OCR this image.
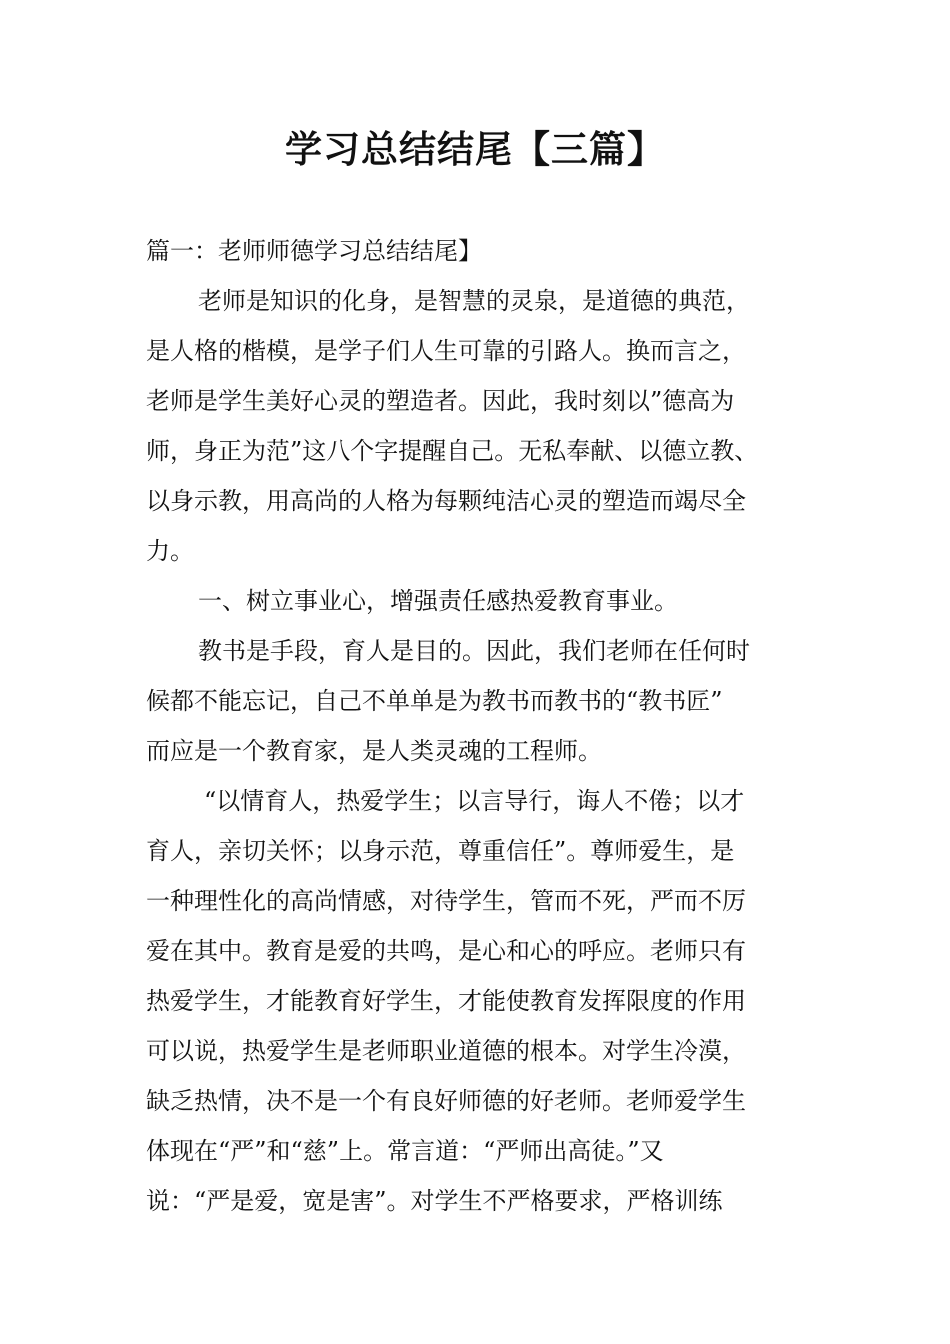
学习总结结尾【三篇】

篇一：老师师德学习总结结尾】

老师是知识的化身，是智慧的灵泉，是道德的典范，
是人格的楷模，是学子们人生可靠的引路人。换而言之，
老师是学生美好心灵的塑造者。因此，我时刻以”德高为
师，身正为范”这八个字提醒自己。无私奉献、以德立教、
以身示教，用高尚的人格为每颗纯洁心灵的塑造而竭尽全
力。
一、树立事业心，增强责任感热爱教育事业。
教书是手段，育人是目的。因此，我们老师在任何时
候都不能忘记，自己不单单是为教书而教书的“教书匠”
而应是一个教育家，是人类灵魂的工程师。
“以情育人，热爱学生；以言导行，诲人不倦；以才
育人，亲切关怀；以身示范，尊重信任”。尊师爱生，是
一种理性化的高尚情感，对待学生，管而不死，严而不厉
爱在其中。教育是爱的共鸣，是心和心的呼应。老师只有
热爱学生，才能教育好学生，才能使教育发挥限度的作用
可以说，热爱学生是老师职业道德的根本。对学生冷漠，
缺乏热情，决不是一个有良好师德的好老师。老师爱学生
体现在“严”和“慈”上。常言道：“严师出高徒。”又
说：“严是爱，宽是害”。对学生不严格要求，严格训练
